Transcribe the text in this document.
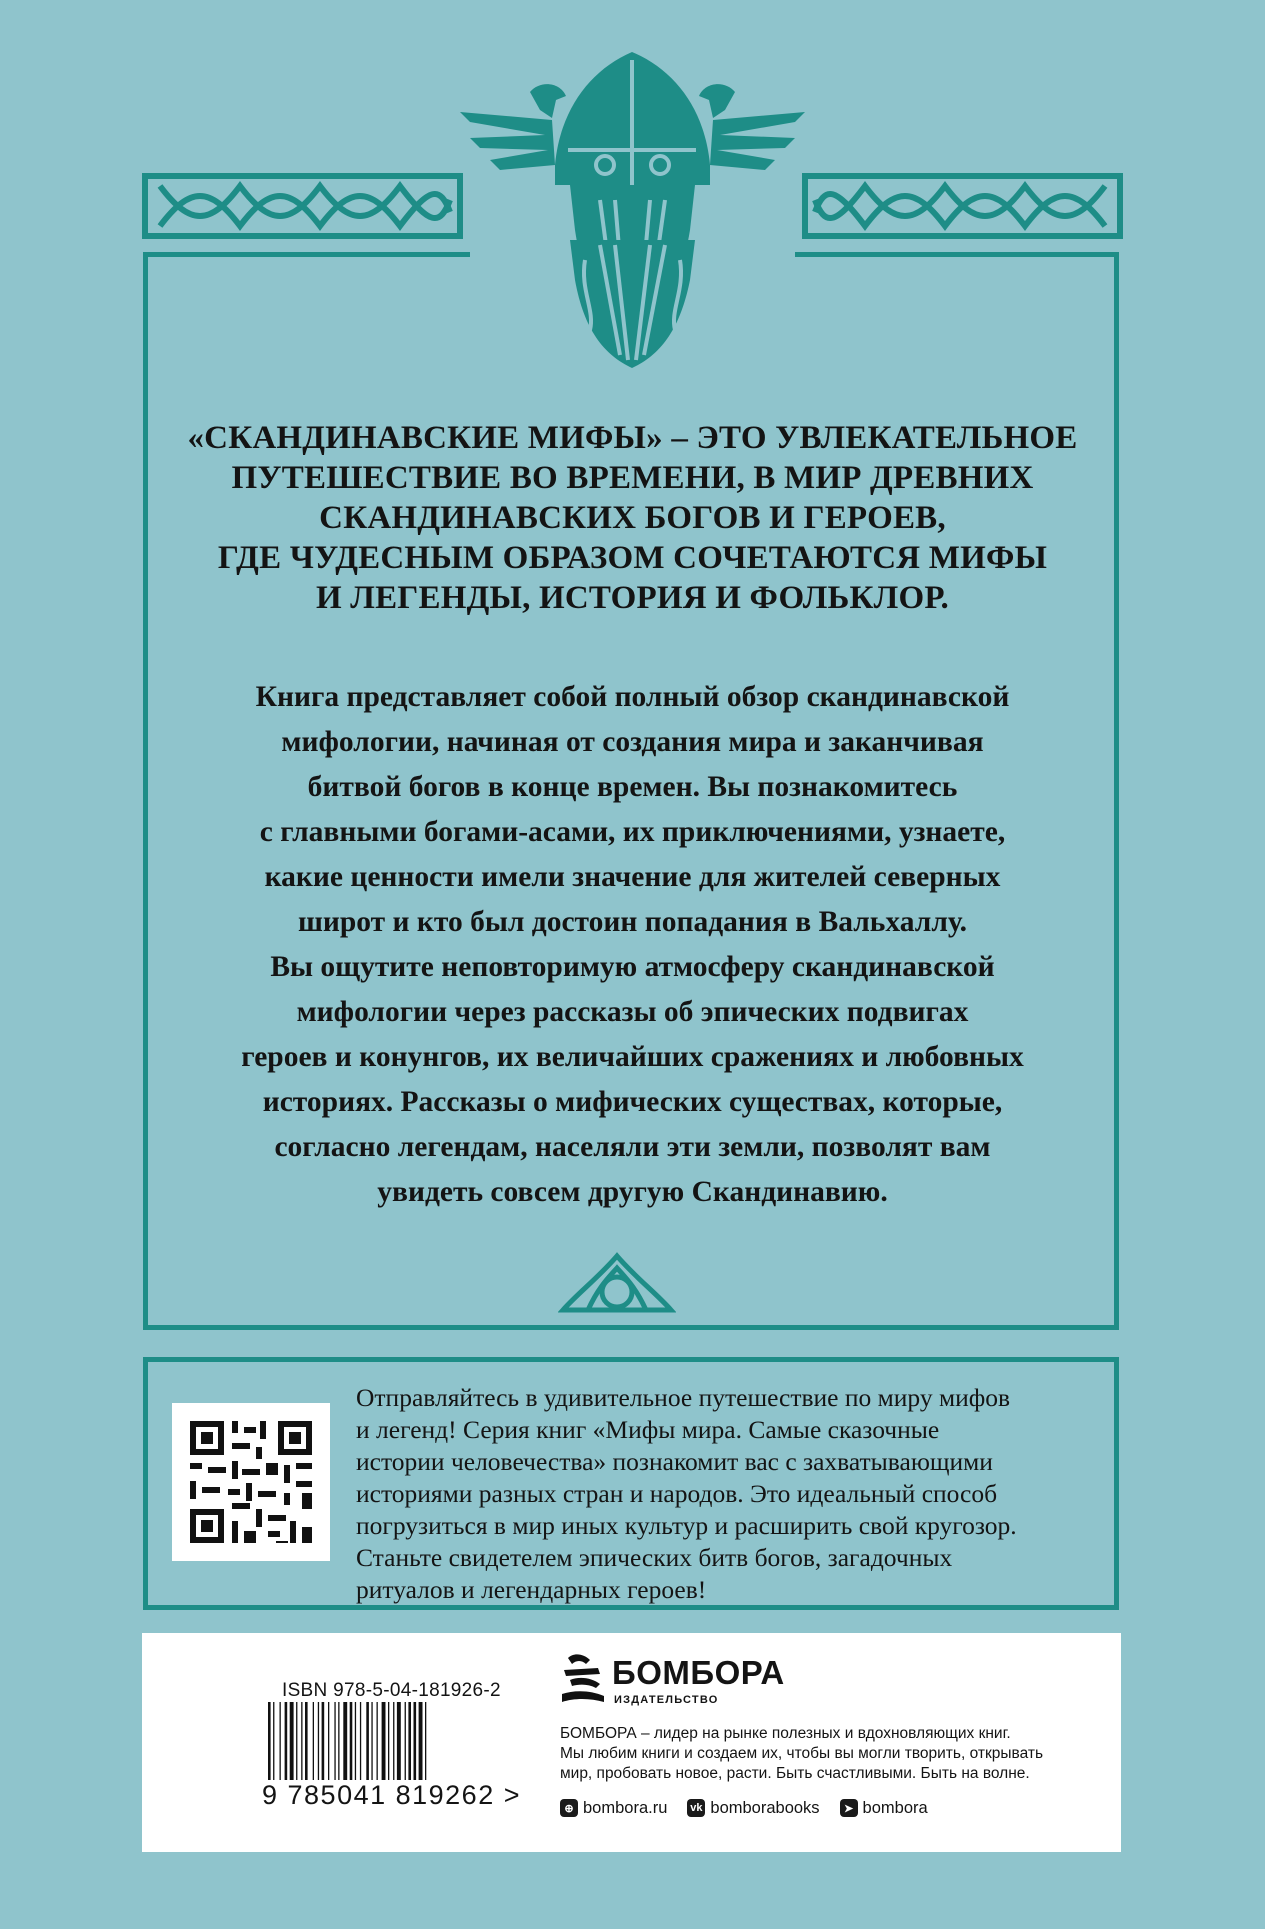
«СКАНДИНАВСКИЕ МИФЫ» – ЭТО УВЛЕКАТЕЛЬНОЕ
ПУТЕШЕСТВИЕ ВО ВРЕМЕНИ, В МИР ДРЕВНИХ
СКАНДИНАВСКИХ БОГОВ И ГЕРОЕВ,
ГДЕ ЧУДЕСНЫМ ОБРАЗОМ СОЧЕТАЮТСЯ МИФЫ
И ЛЕГЕНДЫ, ИСТОРИЯ И ФОЛЬКЛОР.
Книга представляет собой полный обзор скандинавской
мифологии, начиная от создания мира и заканчивая
битвой богов в конце времен. Вы познакомитесь
с главными богами-асами, их приключениями, узнаете,
какие ценности имели значение для жителей северных
широт и кто был достоин попадания в Вальхаллу.
Вы ощутите неповторимую атмосферу скандинавской
мифологии через рассказы об эпических подвигах
героев и конунгов, их величайших сражениях и любовных
историях. Рассказы о мифических существах, которые,
согласно легендам, населяли эти земли, позволят вам
увидеть совсем другую Скандинавию.
Отправляйтесь в удивительное путешествие по миру мифов
и легенд! Серия книг «Мифы мира. Самые сказочные
истории человечества» познакомит вас с захватывающими
историями разных стран и народов. Это идеальный способ
погрузиться в мир иных культур и расширить свой кругозор.
Станьте свидетелем эпических битв богов, загадочных
ритуалов и легендарных героев!
ISBN 978-5-04-181926-2
9 785041 819262 >
БОМБОРА
ИЗДАТЕЛЬСТВО
БОМБОРА – лидер на рынке полезных и вдохновляющих книг.
Мы любим книги и создаем их, чтобы вы могли творить, открывать
мир, пробовать новое, расти. Быть счастливыми. Быть на волне.
⊕ bombora.ru vk bomborabooks	➤ bombora
